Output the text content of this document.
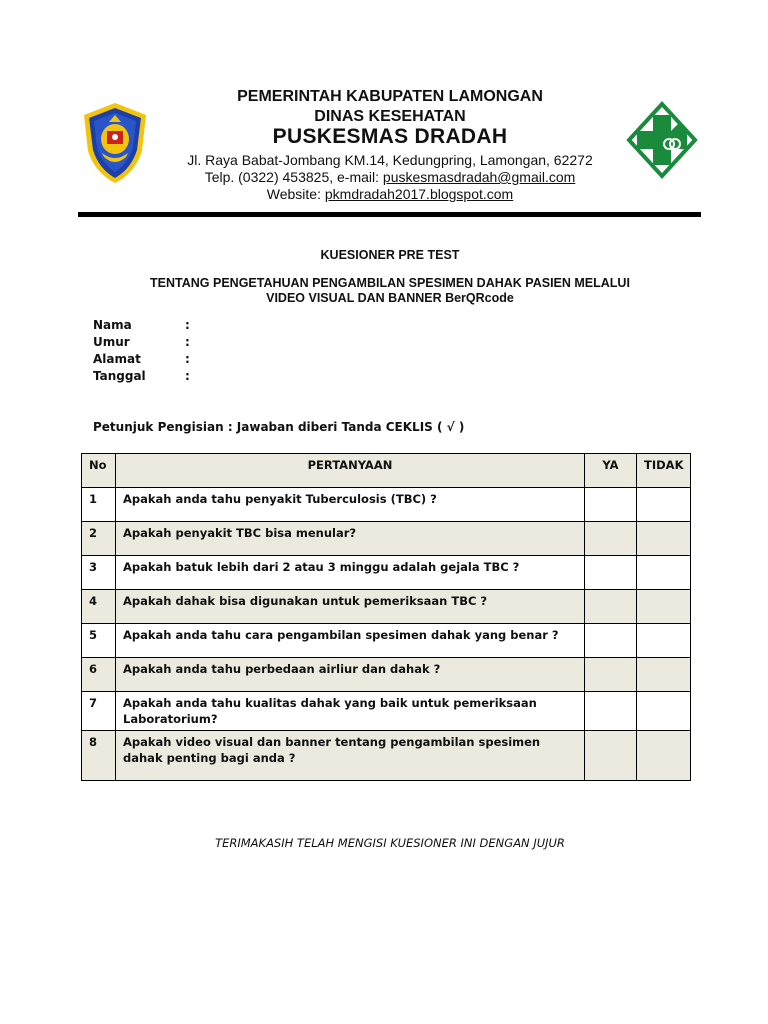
PEMERINTAH KABUPATEN LAMONGAN
DINAS KESEHATAN
PUSKESMAS DRADAH
Jl. Raya Babat-Jombang KM.14, Kedungpring, Lamongan, 62272
Telp. (0322) 453825, e-mail: puskesmasdradah@gmail.com
Website: pkmdradah2017.blogspot.com
KUESIONER PRE TEST
TENTANG PENGETAHUAN PENGAMBILAN SPESIMEN DAHAK PASIEN MELALUI
VIDEO VISUAL DAN BANNER BerQRcode
Nama	:
Umur	:
Alamat	:
Tanggal	:
Petunjuk Pengisian : Jawaban diberi Tanda CEKLIS ( √ )
No	PERTANYAAN	YA	TIDAK
1	Apakah anda tahu penyakit Tuberculosis (TBC) ?		
2	Apakah penyakit TBC bisa menular?		
3	Apakah batuk lebih dari 2 atau 3 minggu adalah gejala TBC ?		
4	Apakah dahak bisa digunakan untuk pemeriksaan TBC ?		
5	Apakah anda tahu cara pengambilan spesimen dahak yang benar ?		
6	Apakah anda tahu perbedaan airliur dan dahak ?		
7	Apakah anda tahu kualitas dahak yang baik untuk pemeriksaan Laboratorium?		
8	Apakah video visual dan banner tentang pengambilan spesimen dahak penting bagi anda ?		
TERIMAKASIH TELAH MENGISI KUESIONER INI DENGAN JUJUR
